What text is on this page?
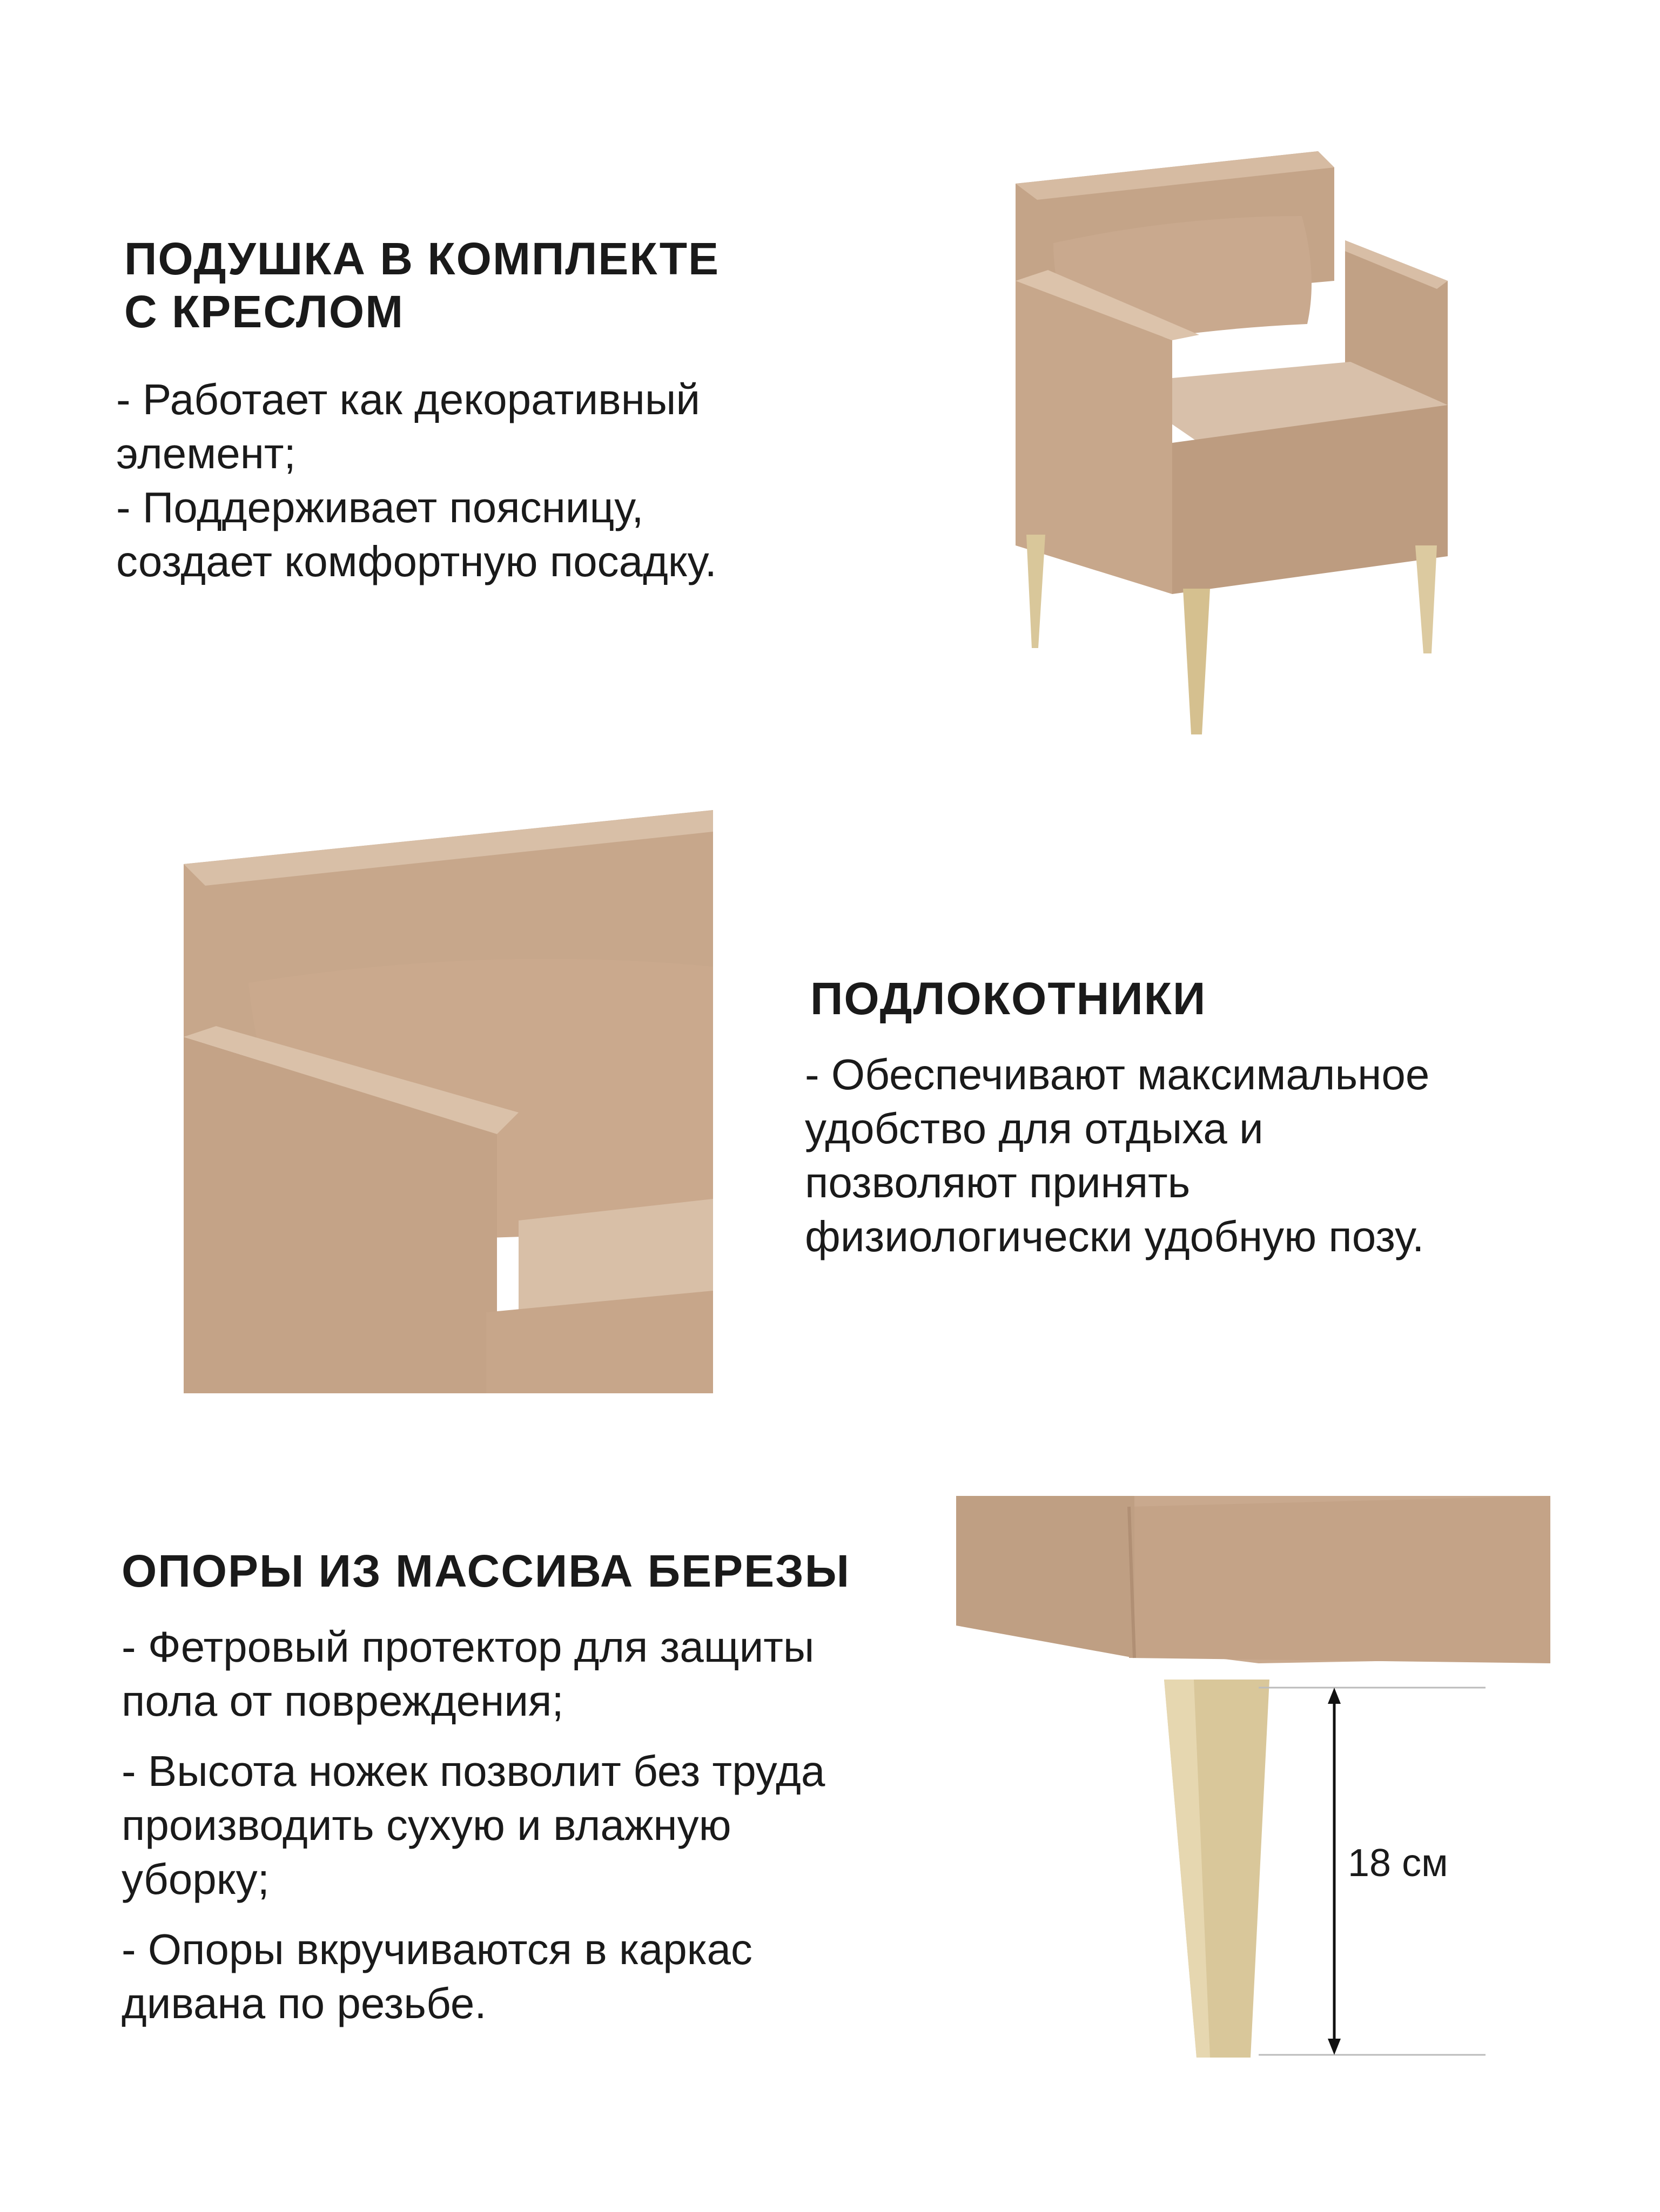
ПОДУШКА В КОМПЛЕКТЕ

С КРЕСЛОМ

- Работает как декоративный

элемент;

- Поддерживает поясницу,

создает комфортную посадку.

ПОДЛОКОТНИКИ

- Обеспечивают максимальное

удобство для отдыха и

позволяют принять

физиологически удобную позу.

ОПОРЫ ИЗ МАССИВА БЕРЕЗЫ

- Фетровый протектор для защиты

пола от повреждения;

- Высота ножек позволит без труда

производить сухую и влажную

уборку;

- Опоры вкручиваются в каркас

дивана по резьбе.

18 см
